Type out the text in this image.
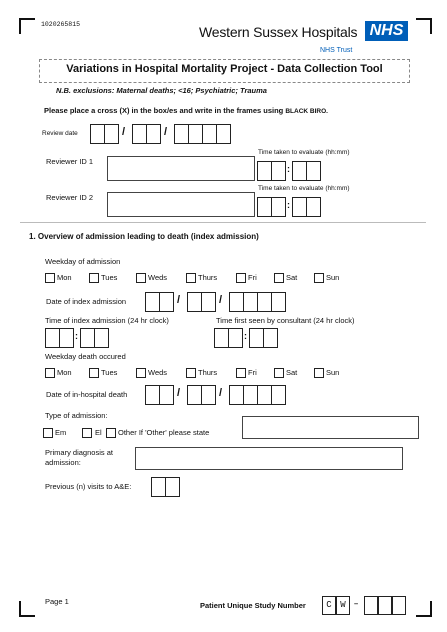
1020265815	Western Sussex Hospitals NHS
NHS Trust
Variations in Hospital Mortality Project - Data Collection Tool
N.B. exclusions: Maternal deaths; <16; Psychiatric; Trauma
Please place a cross (X) in the box/es and write in the frames using BLACK BIRO.
Review date	/	/
Reviewer ID 1
Time taken to evaluate (hh:mm)
:
Reviewer ID 2
Time taken to evaluate (hh:mm)
:
1. Overview of admission leading to death (index admission)
Weekday of admission
Mon	Tues	Weds	Thurs	Fri	Sat	Sun
Date of index admission	/	/
Time of index admission (24 hr clock)
:
Time first seen by consultant (24 hr clock)
:
Weekday death occured
Mon	Tues	Weds	Thurs	Fri	Sat	Sun
Date of in-hospital death	/	/
Type of admission:
Em	El Other If 'Other' please state
Primary diagnosis at admission:
Previous (n) visits to A&E:
Page 1	Patient Unique Study Number	C W	–
